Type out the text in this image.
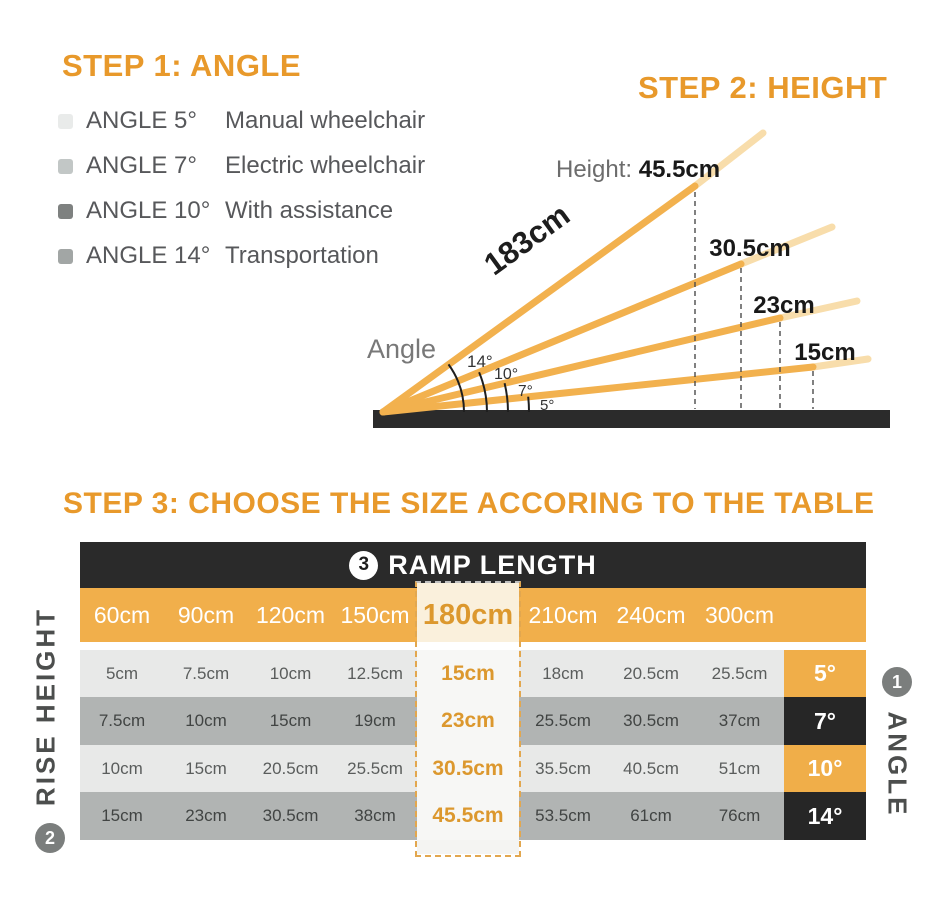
STEP 1: ANGLE
STEP 2: HEIGHT
STEP 3: CHOOSE THE SIZE ACCORING TO THE TABLE
ANGLE 5°	Manual wheelchair
ANGLE 7°	Electric wheelchair
ANGLE 10° With assistance
ANGLE 14° Transportation
14°
10°
7°
5°
Angle
183cm
Height: 45.5cm
30.5cm
23cm
15cm
3 RAMP LENGTH
60cm	90cm 120cm 150cm 180cm 210cm 240cm 300cm
5cm	7.5cm	10cm	12.5cm	15cm	18cm	20.5cm	25.5cm	5°
7.5cm	10cm	15cm	19cm	23cm	25.5cm	30.5cm	37cm	7°
10cm	15cm	20.5cm	25.5cm	30.5cm	35.5cm	40.5cm	51cm	10°
15cm	23cm	30.5cm	38cm	45.5cm	53.5cm	61cm	76cm	14°
RISE HEIGHT
2
ANGLE
1
